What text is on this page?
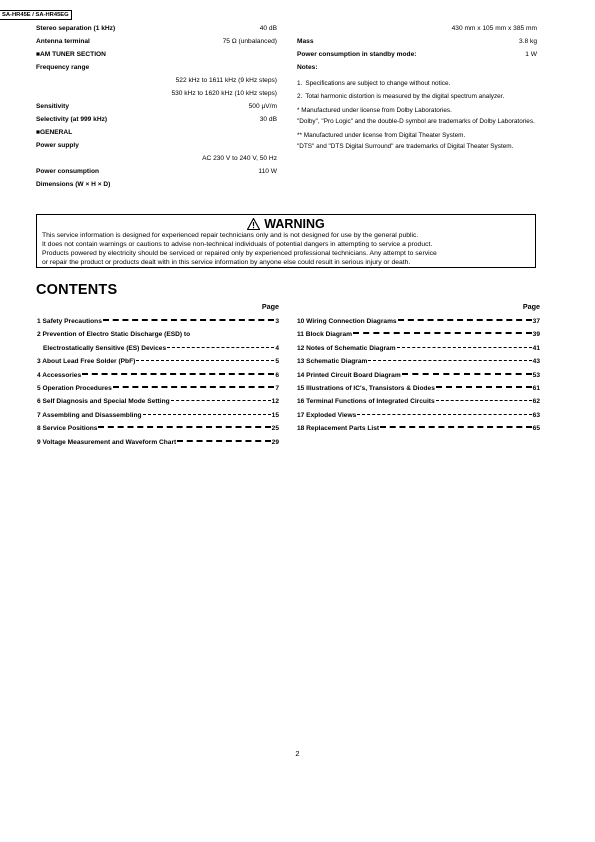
SA-HR45E / SA-HR45EG
Stereo separation (1 kHz)	40 dB
Antenna terminal	75 Ω (unbalanced)
■AM TUNER SECTION
Frequency range
522 kHz to 1611 kHz (9 kHz steps)
530 kHz to 1620 kHz (10 kHz steps)
Sensitivity	500 µV/m
Selectivity (at 999 kHz)	30 dB
■GENERAL
Power supply
AC 230 V to 240 V, 50 Hz
Power consumption	110 W
Dimensions (W × H × D)
430 mm x 105 mm x 385 mm
Mass	3.8 kg
Power consumption in standby mode:	1 W
Notes:
1. Specifications are subject to change without notice.
2. Total harmonic distortion is measured by the digital spectrum analyzer.
* Manufactured under license from Dolby Laboratories.
"Dolby", "Pro Logic" and the double-D symbol are trademarks of Dolby Laboratories.
** Manufactured under license from Digital Theater System.
"DTS" and "DTS Digital Surround" are trademarks of Digital Theater System.
WARNING
This service information is designed for experienced repair technicians only and is not designed for use by the general public.
It does not contain warnings or cautions to advise non-technical individuals of potential dangers in attempting to service a product.
Products powered by electricity should be serviced or repaired only by experienced professional technicians. Any attempt to service
or repair the product or products dealt with in this service information by anyone else could result in serious injury or death.
CONTENTS
Page
1 Safety Precautions	3
2 Prevention of Electro Static Discharge (ESD) to
Electrostatically Sensitive (ES) Devices	4
3 About Lead Free Solder (PbF)	5
4 Accessories	6
5 Operation Procedures	7
6 Self Diagnosis and Special Mode Setting	12
7 Assembling and Disassembling	15
8 Service Positions	25
9 Voltage Measurement and Waveform Chart	29
Page
10 Wiring Connection Diagrams	37
11 Block Diagram	39
12 Notes of Schematic Diagram	41
13 Schematic Diagram	43
14 Printed Circuit Board Diagram	53
15 Illustrations of IC's, Transistors & Diodes	61
16 Terminal Functions of Integrated Circuits	62
17 Exploded Views	63
18 Replacement Parts List	65
2
